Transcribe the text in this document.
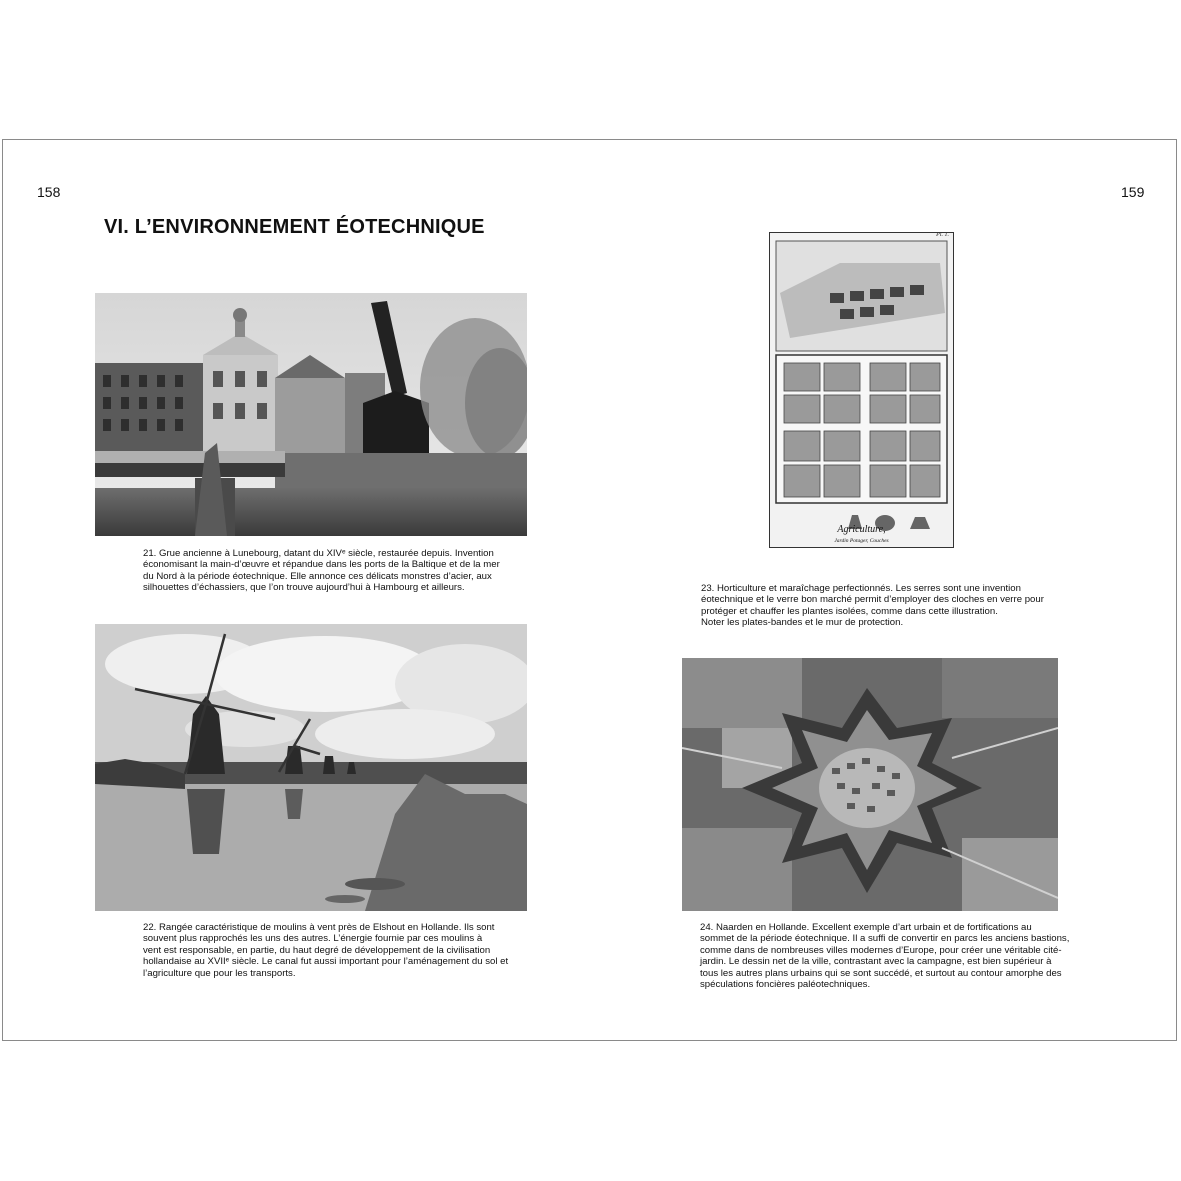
158	159
VI. L’ENVIRONNEMENT ÉOTECHNIQUE

21. Grue ancienne à Lunebourg, datant du XIVᵉ siècle, restaurée depuis. Invention

économisant la main-d’œuvre et répandue dans les ports de la Baltique et de la mer

du Nord à la période éotechnique. Elle annonce ces délicats monstres d’acier, aux

silhouettes d’échassiers, que l’on trouve aujourd’hui à Hambourg et ailleurs.

22. Rangée caractéristique de moulins à vent près de Elshout en Hollande. Ils sont

souvent plus rapprochés les uns des autres. L’énergie fournie par ces moulins à

vent est responsable, en partie, du haut degré de développement de la civilisation

hollandaise au XVIIᵉ siècle. Le canal fut aussi important pour l’aménagement du sol et

l’agriculture que pour les transports.

Pl. 1.
Agriculture,
Jardin Potager, Couches

23. Horticulture et maraîchage perfectionnés. Les serres sont une invention

éotechnique et le verre bon marché permit d’employer des cloches en verre pour

protéger et chauffer les plantes isolées, comme dans cette illustration.

Noter les plates-bandes et le mur de protection.

24. Naarden en Hollande. Excellent exemple d’art urbain et de fortifications au

sommet de la période éotechnique. Il a suffi de convertir en parcs les anciens bastions,

comme dans de nombreuses villes modernes d’Europe, pour créer une véritable cité-

jardin. Le dessin net de la ville, contrastant avec la campagne, est bien supérieur à

tous les autres plans urbains qui se sont succédé, et surtout au contour amorphe des

spéculations foncières paléotechniques.
